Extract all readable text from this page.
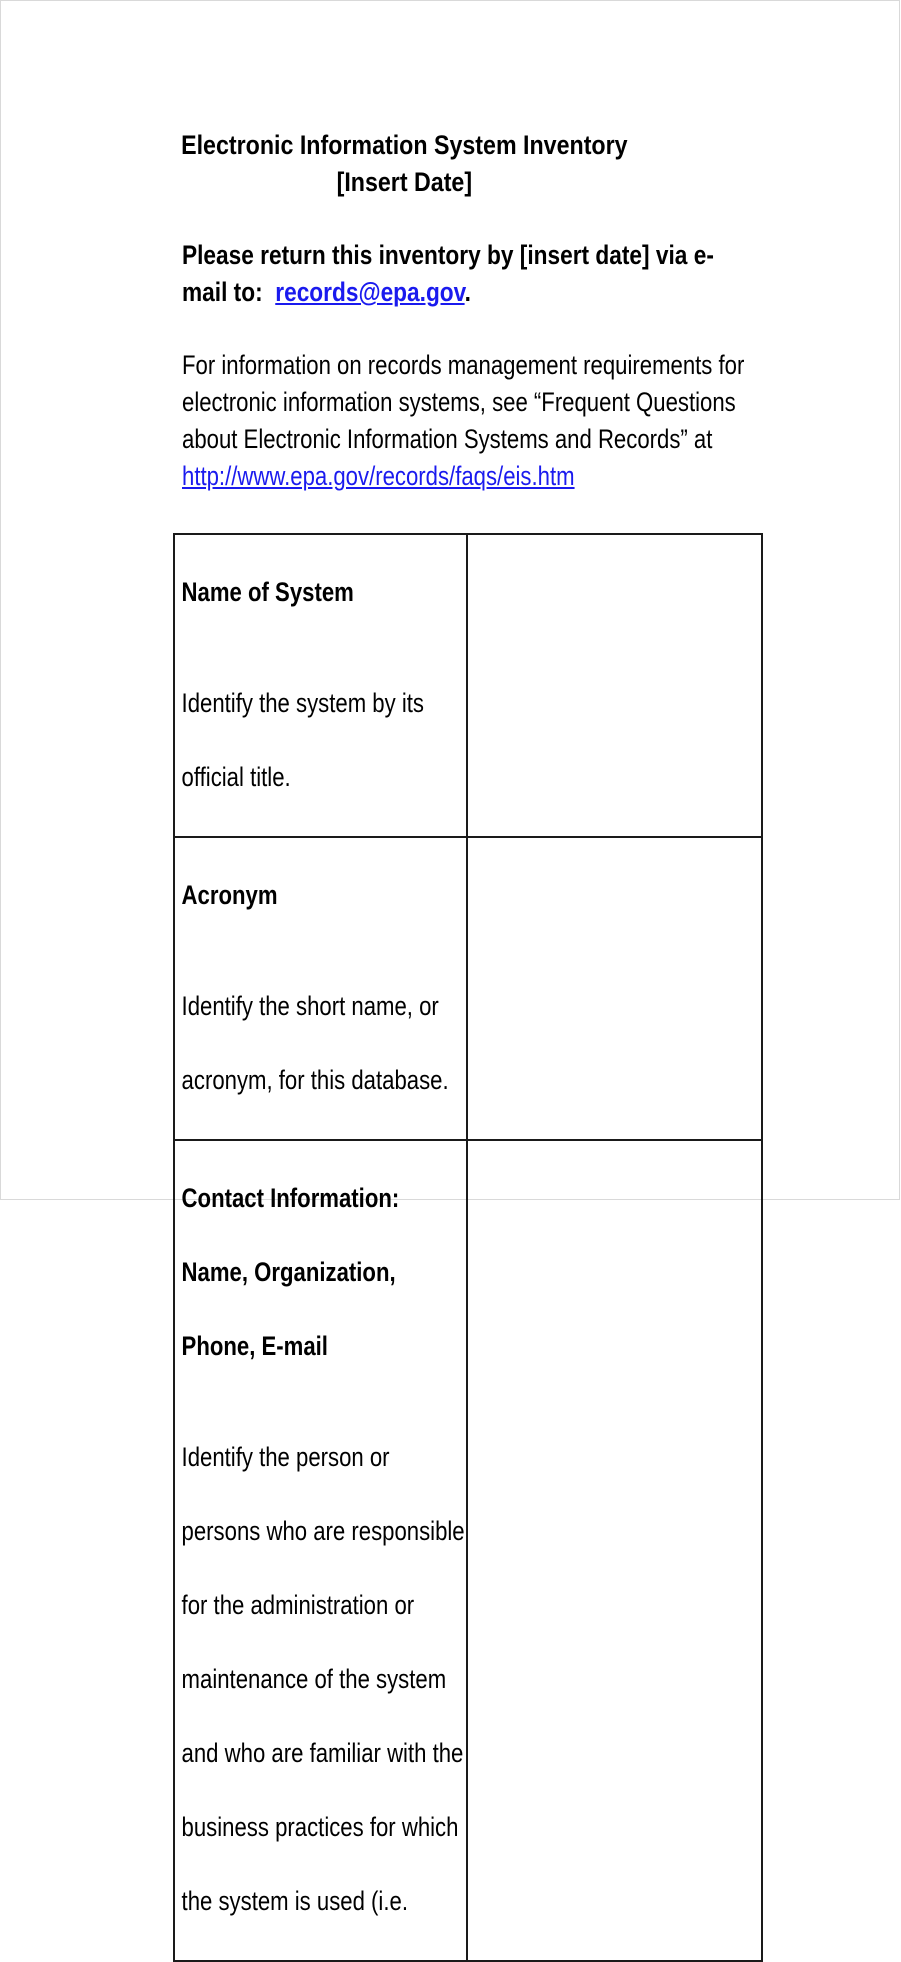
Electronic Information System Inventory
[Insert Date]
Please return this inventory by [insert date] via e-
mail to:  records@epa.gov.
For information on records management requirements for
electronic information systems, see “Frequent Questions
about Electronic Information Systems and Records” at
http://www.epa.gov/records/faqs/eis.htm

Name of System

Identify the system by its

official title.	

Acronym

Identify the short name, or

acronym, for this database.	

Contact Information:

Name, Organization,

Phone, E-mail

Identify the person or

persons who are responsible

for the administration or

maintenance of the system

and who are familiar with the

business practices for which

the system is used (i.e.
